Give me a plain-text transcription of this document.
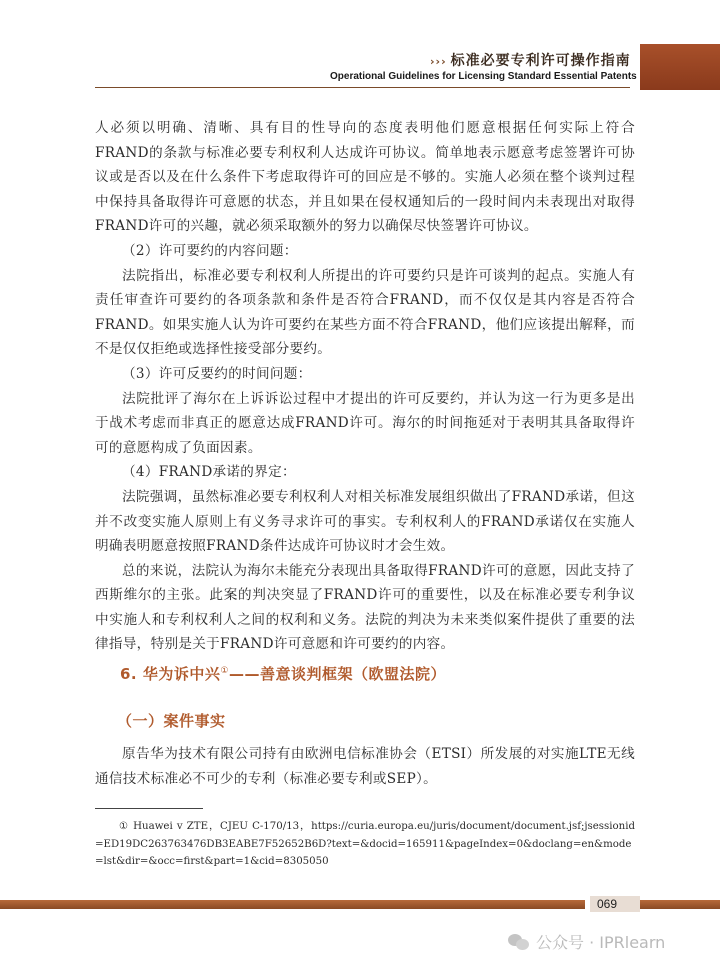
››› 标准必要专利许可操作指南
Operational Guidelines for Licensing Standard Essential Patents

人必须以明确、清晰、具有目的性导向的态度表明他们愿意根据任何实际上符合FRAND的条款与标准必要专利权利人达成许可协议。简单地表示愿意考虑签署许可协议或是否以及在什么条件下考虑取得许可的回应是不够的。实施人必须在整个谈判过程中保持具备取得许可意愿的状态，并且如果在侵权通知后的一段时间内未表现出对取得FRAND许可的兴趣，就必须采取额外的努力以确保尽快签署许可协议。

（2）许可要约的内容问题：

法院指出，标准必要专利权利人所提出的许可要约只是许可谈判的起点。实施人有责任审查许可要约的各项条款和条件是否符合FRAND，而不仅仅是其内容是否符合FRAND。如果实施人认为许可要约在某些方面不符合FRAND，他们应该提出解释，而不是仅仅拒绝或选择性接受部分要约。

（3）许可反要约的时间问题：

法院批评了海尔在上诉诉讼过程中才提出的许可反要约，并认为这一行为更多是出于战术考虑而非真正的愿意达成FRAND许可。海尔的时间拖延对于表明其具备取得许可的意愿构成了负面因素。

（4）FRAND承诺的界定：

法院强调，虽然标准必要专利权利人对相关标准发展组织做出了FRAND承诺，但这并不改变实施人原则上有义务寻求许可的事实。专利权利人的FRAND承诺仅在实施人明确表明愿意按照FRAND条件达成许可协议时才会生效。

总的来说，法院认为海尔未能充分表现出具备取得FRAND许可的意愿，因此支持了西斯维尔的主张。此案的判决突显了FRAND许可的重要性，以及在标准必要专利争议中实施人和专利权利人之间的权利和义务。法院的判决为未来类似案件提供了重要的法律指导，特别是关于FRAND许可意愿和许可要约的内容。

6. 华为诉中兴①——善意谈判框架（欧盟法院）
（一）案件事实

原告华为技术有限公司持有由欧洲电信标准协会（ETSI）所发展的对实施LTE无线通信技术标准必不可少的专利（标准必要专利或SEP）。

① Huawei v ZTE，CJEU C-170/13，https://curia.europa.eu/juris/document/document.jsf;jsessionid=ED19DC263763476DB3EABE7F52652B6D?text=&docid=165911&pageIndex=0&doclang=en&mode=lst&dir=&occ=first&part=1&cid=8305050
069
公众号 · IPRlearn
